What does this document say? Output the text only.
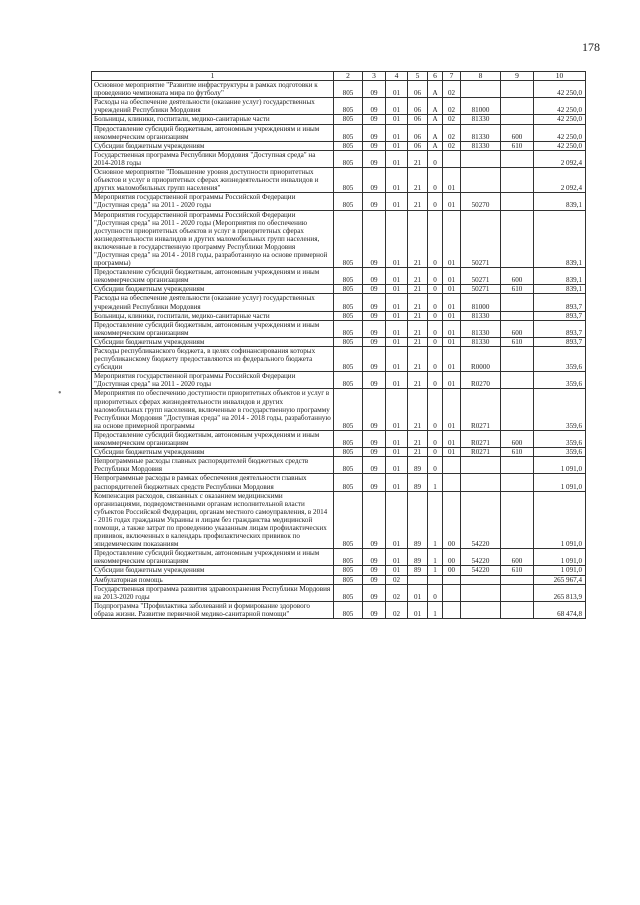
178
•
1	2	3	4	5	6	7	8	9	10
Основное мероприятие "Развитие инфраструктуры в рамках подготовки к проведению чемпионата мира по футболу"	805	09	01	06	А	02			42 250,0
Расходы на обеспечение деятельности (оказание услуг) государственных учреждений Республики Мордовия	805	09	01	06	А	02	81000		42 250,0
Больницы, клиники, госпитали, медико-санитарные части	805	09	01	06	А	02	81330		42 250,0
Предоставление субсидий бюджетным, автономным учреждениям и иным некоммерческим организациям	805	09	01	06	А	02	81330	600	42 250,0
Субсидии бюджетным учреждениям	805	09	01	06	А	02	81330	610	42 250,0
Государственная программа Республики Мордовия "Доступная среда" на 2014-2018 годы	805	09	01	21	0				2 092,4
Основное мероприятие "Повышение уровня доступности приоритетных объектов и услуг в приоритетных сферах жизнедеятельности инвалидов и других маломобильных групп населения"	805	09	01	21	0	01			2 092,4
Мероприятия государственной программы Российской Федерации "Доступная среда" на 2011 - 2020 годы	805	09	01	21	0	01	50270		839,1
Мероприятия государственной программы Российской Федерации "Доступная среда" на 2011 - 2020 годы (Мероприятия по обеспечению доступности приоритетных объектов и услуг в приоритетных сферах жизнедеятельности инвалидов и других маломобильных групп населения, включенные в государственную программу Республики Мордовия "Доступная среда" на 2014 - 2018 годы, разработанную на основе примерной программы)	805	09	01	21	0	01	50271		839,1
Предоставление субсидий бюджетным, автономным учреждениям и иным некоммерческим организациям	805	09	01	21	0	01	50271	600	839,1
Субсидии бюджетным учреждениям	805	09	01	21	0	01	50271	610	839,1
Расходы на обеспечение деятельности (оказание услуг) государственных учреждений Республики Мордовия	805	09	01	21	0	01	81000		893,7
Больницы, клиники, госпитали, медико-санитарные части	805	09	01	21	0	01	81330		893,7
Предоставление субсидий бюджетным, автономным учреждениям и иным некоммерческим организациям	805	09	01	21	0	01	81330	600	893,7
Субсидии бюджетным учреждениям	805	09	01	21	0	01	81330	610	893,7
Расходы республиканского бюджета, в целях софинансирования которых республиканскому бюджету предоставляются из федерального бюджета субсидии	805	09	01	21	0	01	R0000		359,6
Мероприятия государственной программы Российской Федерации "Доступная среда" на 2011 - 2020 годы	805	09	01	21	0	01	R0270		359,6
Мероприятия по обеспечению доступности приоритетных объектов и услуг в приоритетных сферах жизнедеятельности инвалидов и других маломобильных групп населения, включенные в государственную программу Республики Мордовия "Доступная среда" на 2014 - 2018 годы, разработанную на основе примерной программы	805	09	01	21	0	01	R0271		359,6
Предоставление субсидий бюджетным, автономным учреждениям и иным некоммерческим организациям	805	09	01	21	0	01	R0271	600	359,6
Субсидии бюджетным учреждениям	805	09	01	21	0	01	R0271	610	359,6
Непрограммные расходы главных распорядителей бюджетных средств Республики Мордовия	805	09	01	89	0				1 091,0
Непрограммные расходы в рамках обеспечения деятельности главных распорядителей бюджетных средств Республики Мордовия	805	09	01	89	1				1 091,0
Компенсация расходов, связанных с оказанием медицинскими организациями, подведомственными органам исполнительной власти субъектов Российской Федерации, органам местного самоуправления, в 2014 - 2016 годах гражданам Украины и лицам без гражданства медицинской помощи, а также затрат по проведению указанным лицам профилактических прививок, включенных в календарь профилактических прививок по эпидемическим показаниям	805	09	01	89	1	00	54220		1 091,0
Предоставление субсидий бюджетным, автономным учреждениям и иным некоммерческим организациям	805	09	01	89	1	00	54220	600	1 091,0
Субсидии бюджетным учреждениям	805	09	01	89	1	00	54220	610	1 091,0
Амбулаторная помощь	805	09	02						265 967,4
Государственная программа развития здравоохранения Республики Мордовия на 2013-2020 годы	805	09	02	01	0				265 813,9
Подпрограмма "Профилактика заболеваний и формирование здорового образа жизни. Развитие первичной медико-санитарной помощи"	805	09	02	01	1				68 474,8
